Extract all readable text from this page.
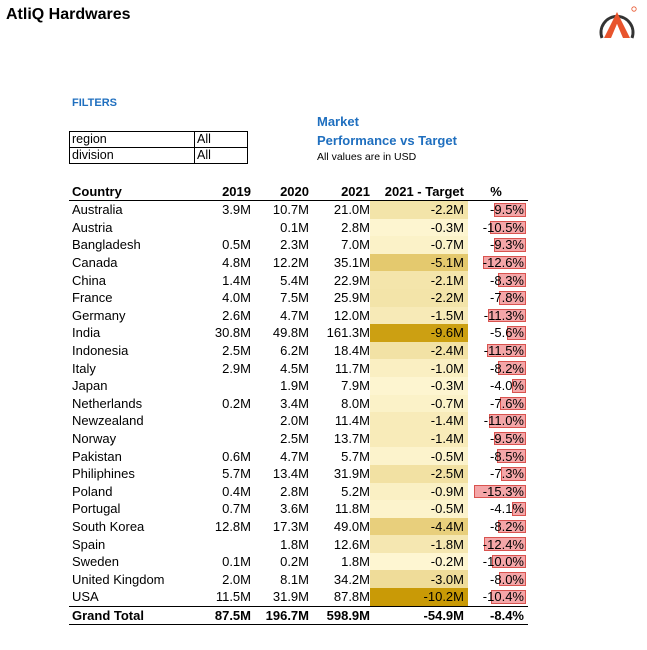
AtliQ Hardwares
FILTERS
region	All
division	All
Market
Performance vs Target
All values are in USD
Country	2019	2020	2021	2021 - Target	%
Australia	3.9M	10.7M	21.0M	-2.2M	-9.5%
Austria		0.1M	2.8M	-0.3M	-10.5%
Bangladesh	0.5M	2.3M	7.0M	-0.7M	-9.3%
Canada	4.8M	12.2M	35.1M	-5.1M	-12.6%
China	1.4M	5.4M	22.9M	-2.1M	-8.3%
France	4.0M	7.5M	25.9M	-2.2M	-7.8%
Germany	2.6M	4.7M	12.0M	-1.5M	-11.3%
India	30.8M	49.8M	161.3M	-9.6M	-5.6%
Indonesia	2.5M	6.2M	18.4M	-2.4M	-11.5%
Italy	2.9M	4.5M	11.7M	-1.0M	-8.2%
Japan		1.9M	7.9M	-0.3M	-4.0%
Netherlands	0.2M	3.4M	8.0M	-0.7M	-7.6%
Newzealand		2.0M	11.4M	-1.4M	-11.0%
Norway		2.5M	13.7M	-1.4M	-9.5%
Pakistan	0.6M	4.7M	5.7M	-0.5M	-8.5%
Philiphines	5.7M	13.4M	31.9M	-2.5M	-7.3%
Poland	0.4M	2.8M	5.2M	-0.9M	-15.3%
Portugal	0.7M	3.6M	11.8M	-0.5M	-4.1%
South Korea	12.8M	17.3M	49.0M	-4.4M	-8.2%
Spain		1.8M	12.6M	-1.8M	-12.4%
Sweden	0.1M	0.2M	1.8M	-0.2M	-10.0%
United Kingdom	2.0M	8.1M	34.2M	-3.0M	-8.0%
USA	11.5M	31.9M	87.8M	-10.2M	-10.4%
Grand Total	87.5M	196.7M	598.9M	-54.9M	-8.4%
